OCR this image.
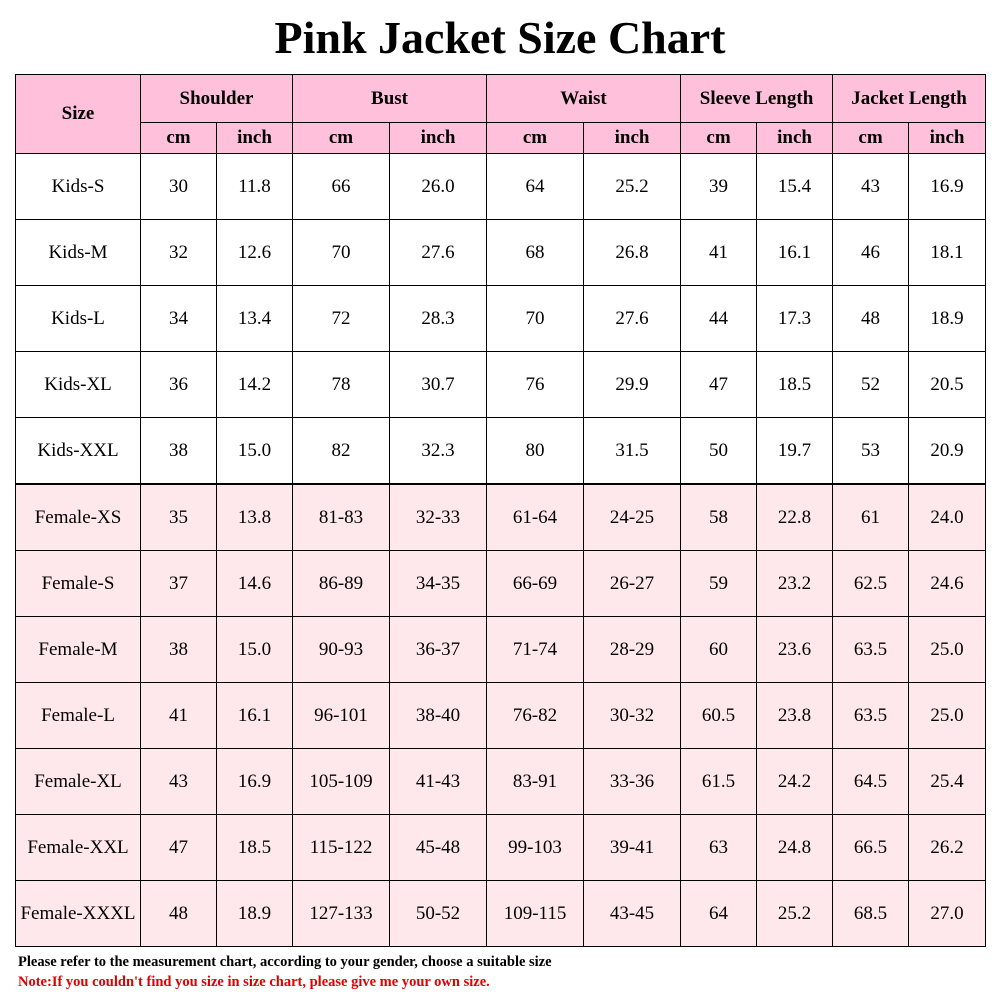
Pink Jacket Size Chart
Size	Shoulder		Bust		Waist		Sleeve Length		Jacket Length	
	cm	inch	cm	inch	cm	inch	cm	inch	cm	inch
Kids-S	30	11.8	66	26.0	64	25.2	39	15.4	43	16.9
Kids-M	32	12.6	70	27.6	68	26.8	41	16.1	46	18.1
Kids-L	34	13.4	72	28.3	70	27.6	44	17.3	48	18.9
Kids-XL	36	14.2	78	30.7	76	29.9	47	18.5	52	20.5
Kids-XXL	38	15.0	82	32.3	80	31.5	50	19.7	53	20.9
Female-XS	35	13.8	81-83	32-33	61-64	24-25	58	22.8	61	24.0
Female-S	37	14.6	86-89	34-35	66-69	26-27	59	23.2	62.5	24.6
Female-M	38	15.0	90-93	36-37	71-74	28-29	60	23.6	63.5	25.0
Female-L	41	16.1	96-101	38-40	76-82	30-32	60.5	23.8	63.5	25.0
Female-XL	43	16.9	105-109	41-43	83-91	33-36	61.5	24.2	64.5	25.4
Female-XXL	47	18.5	115-122	45-48	99-103	39-41	63	24.8	66.5	26.2
Female-XXXL	48	18.9	127-133	50-52	109-115	43-45	64	25.2	68.5	27.0
Please refer to the measurement chart, according to your gender, choose a suitable size
Note:If you couldn't find you size in size chart, please give me your own size.
